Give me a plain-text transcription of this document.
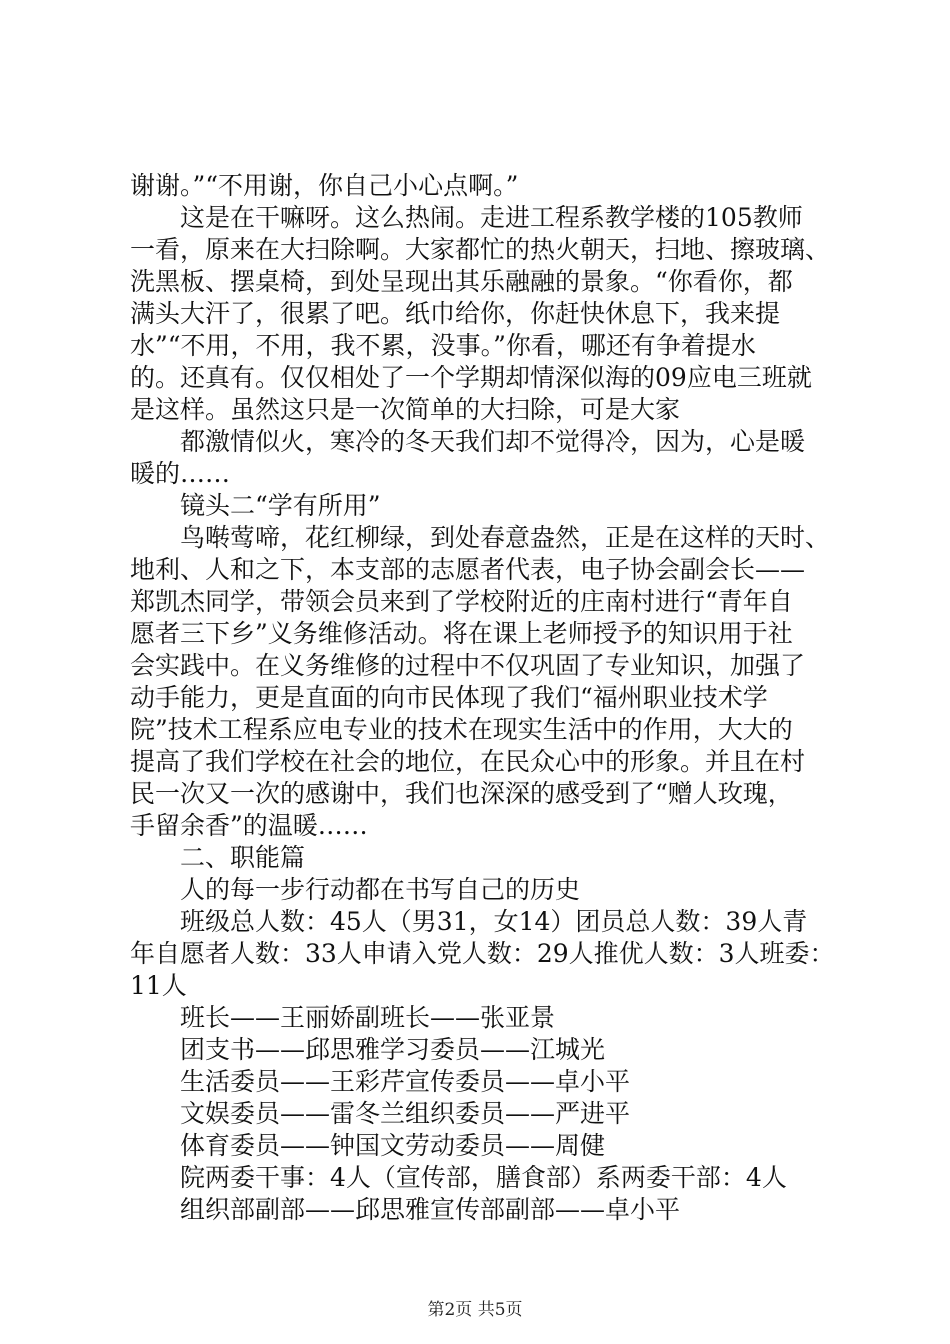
谢谢。”“不用谢，你自己小心点啊。”
这是在干嘛呀。这么热闹。走进工程系教学楼的105教师
一看，原来在大扫除啊。大家都忙的热火朝天，扫地、擦玻璃、
洗黑板、摆桌椅，到处呈现出其乐融融的景象。“你看你，都
满头大汗了，很累了吧。纸巾给你，你赶快休息下，我来提
水”“不用，不用，我不累，没事。”你看，哪还有争着提水
的。还真有。仅仅相处了一个学期却情深似海的09应电三班就
是这样。虽然这只是一次简单的大扫除，可是大家
都激情似火，寒冷的冬天我们却不觉得冷，因为，心是暖
暖的……
镜头二“学有所用”
鸟啭莺啼，花红柳绿，到处春意盎然，正是在这样的天时、
地利、人和之下，本支部的志愿者代表，电子协会副会长——
郑凯杰同学，带领会员来到了学校附近的庄南村进行“青年自
愿者三下乡”义务维修活动。将在课上老师授予的知识用于社
会实践中。在义务维修的过程中不仅巩固了专业知识，加强了
动手能力，更是直面的向市民体现了我们“福州职业技术学
院”技术工程系应电专业的技术在现实生活中的作用，大大的
提高了我们学校在社会的地位，在民众心中的形象。并且在村
民一次又一次的感谢中，我们也深深的感受到了“赠人玫瑰，
手留余香”的温暖……
二、职能篇
人的每一步行动都在书写自己的历史
班级总人数：45人（男31，女14）团员总人数：39人青
年自愿者人数：33人申请入党人数：29人推优人数：3人班委：
11人
班长——王丽娇副班长——张亚景
团支书——邱思雅学习委员——江城光
生活委员——王彩芹宣传委员——卓小平
文娱委员——雷冬兰组织委员——严进平
体育委员——钟国文劳动委员——周健
院两委干事：4人（宣传部，膳食部）系两委干部：4人
组织部副部——邱思雅宣传部副部——卓小平
第2页 共5页
